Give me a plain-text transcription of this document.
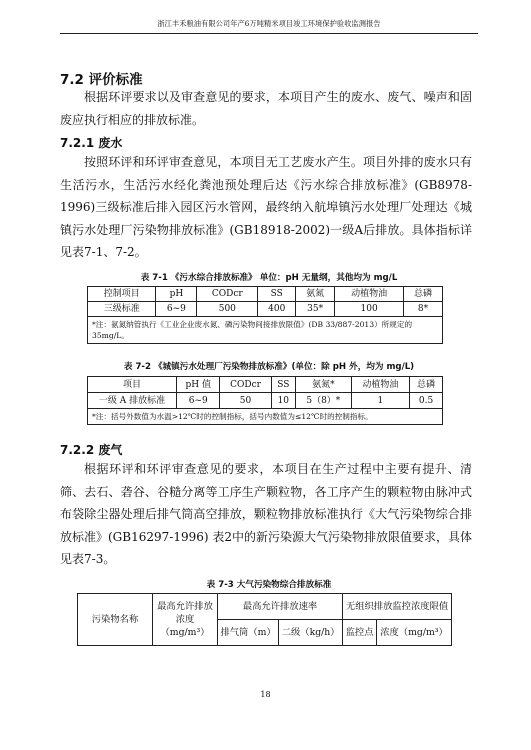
浙江丰禾粮油有限公司年产6万吨精米项目竣工环境保护验收监测报告
7.2 评价标准

根据环评要求以及审查意见的要求，本项目产生的废水、废气、噪声和固废应执行相应的排放标准。

7.2.1 废水

按照环评和环评审查意见，本项目无工艺废水产生。项目外排的废水只有生活污水，生活污水经化粪池预处理后达《污水综合排放标准》(GB8978-1996)三级标准后排入园区污水管网，最终纳入航埠镇污水处理厂处理达《城镇污水处理厂污染物排放标准》(GB18918-2002)一级A后排放。具体指标详见表7-1、7-2。

表 7-1 《污水综合排放标准》 单位：pH 无量纲，其他均为 mg/L
控制项目	pH	CODcr	SS	氨氮	动植物油	总磷
三级标准	6~9	500	400	35*	100	8*
*注：氨氮纳管执行《工业企业废水氮、磷污染物间接排放限值》(DB 33/887-2013）所规定的35mg/L。						
表 7-2 《城镇污水处理厂污染物排放标准》(单位：除 pH 外，均为 mg/L)
项目	pH 值	CODcr	SS	氨氮*	动植物油	总磷
一级 A 排放标准	6~9	50	10	5（8）*	1	0.5
*注：括号外数值为水温>12℃时的控制指标，括号内数值为≤12℃时的控制指标。						
7.2.2 废气

根据环评和环评审查意见的要求，本项目在生产过程中主要有提升、清筛、去石、砻谷、谷糙分离等工序生产颗粒物，各工序产生的颗粒物由脉冲式布袋除尘器处理后排气筒高空排放，颗粒物排放标准执行《大气污染物综合排放标准》(GB16297-1996) 表2中的新污染源大气污染物排放限值要求，具体见表7-3。

表 7-3 大气污染物综合排放标准
污染物名称	最高允许排放浓度（mg/m³）	最高允许排放速率		无组织排放监控浓度限值	
		排气筒（m）	二级（kg/h）	监控点	浓度（mg/m³）
18
